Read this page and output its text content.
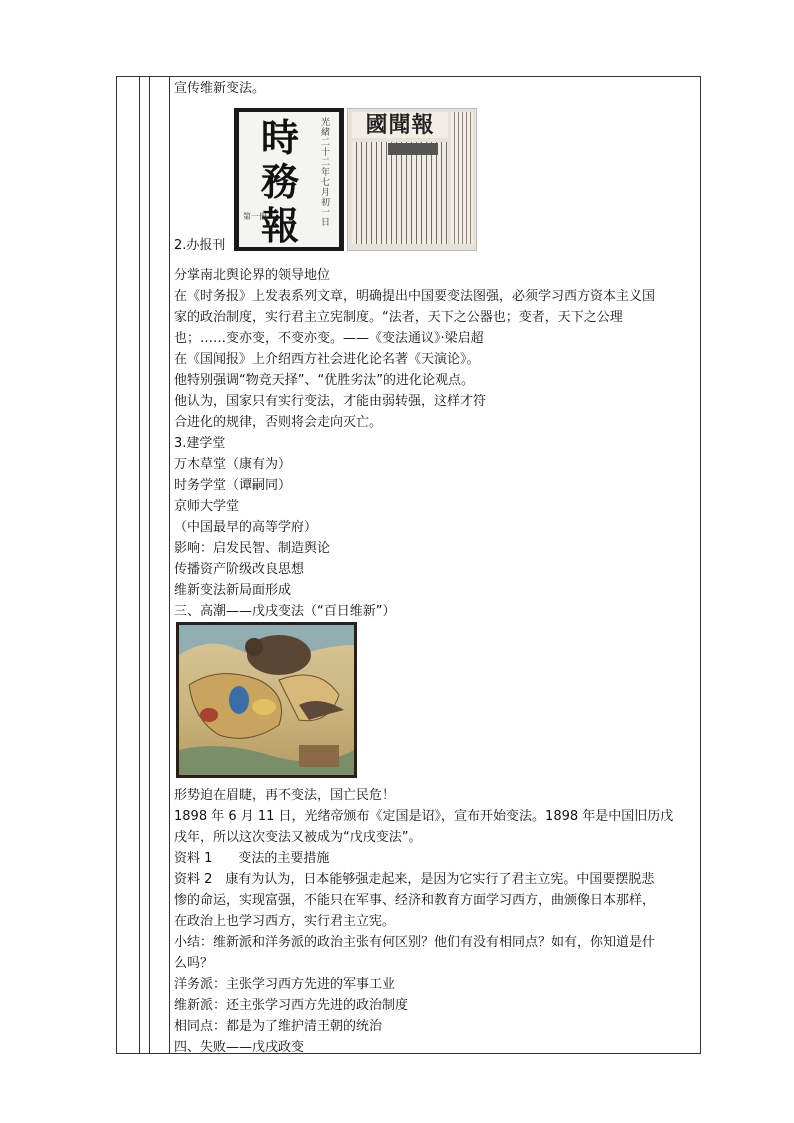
宣传维新变法。
時
務
報
光緒二十二年七月初一日
第一冊
國聞報
2.办报刊
分掌南北舆论界的领导地位
在《时务报》上发表系列文章，明确提出中国要变法图强，必须学习西方资本主义国
家的政治制度，实行君主立宪制度。“法者，天下之公器也；变者，天下之公理
也；……变亦变，不变亦变。——《变法通议》·梁启超
在《国闻报》上介绍西方社会进化论名著《天演论》。
他特别强调“物竞天择”、“优胜劣汰”的进化论观点。
他认为，国家只有实行变法，才能由弱转强，这样才符
合进化的规律，否则将会走向灭亡。
3.建学堂
万木草堂（康有为）
时务学堂（谭嗣同）
京师大学堂
（中国最早的高等学府）
影响：启发民智、制造舆论
传播资产阶级改良思想
维新变法新局面形成
三、高潮——戊戌变法（“百日维新”）
形势迫在眉睫，再不变法，国亡民危！
1898 年 6 月 11 日，光绪帝颁布《定国是诏》，宣布开始变法。1898 年是中国旧历戊
戌年，所以这次变法又被成为“戊戌变法”。
资料 1　　变法的主要措施
资料 2　康有为认为，日本能够强走起来，是因为它实行了君主立宪。中国要摆脱悲
惨的命运，实现富强，不能只在军事、经济和教育方面学习西方，曲颁像日本那样，
在政治上也学习西方，实行君主立宪。
小结：维新派和洋务派的政治主张有何区别？他们有没有相同点？如有，你知道是什
么吗？
洋务派：主张学习西方先进的军事工业
维新派：还主张学习西方先进的政治制度
相同点：都是为了维护清王朝的统治
四、失败——戊戌政变
